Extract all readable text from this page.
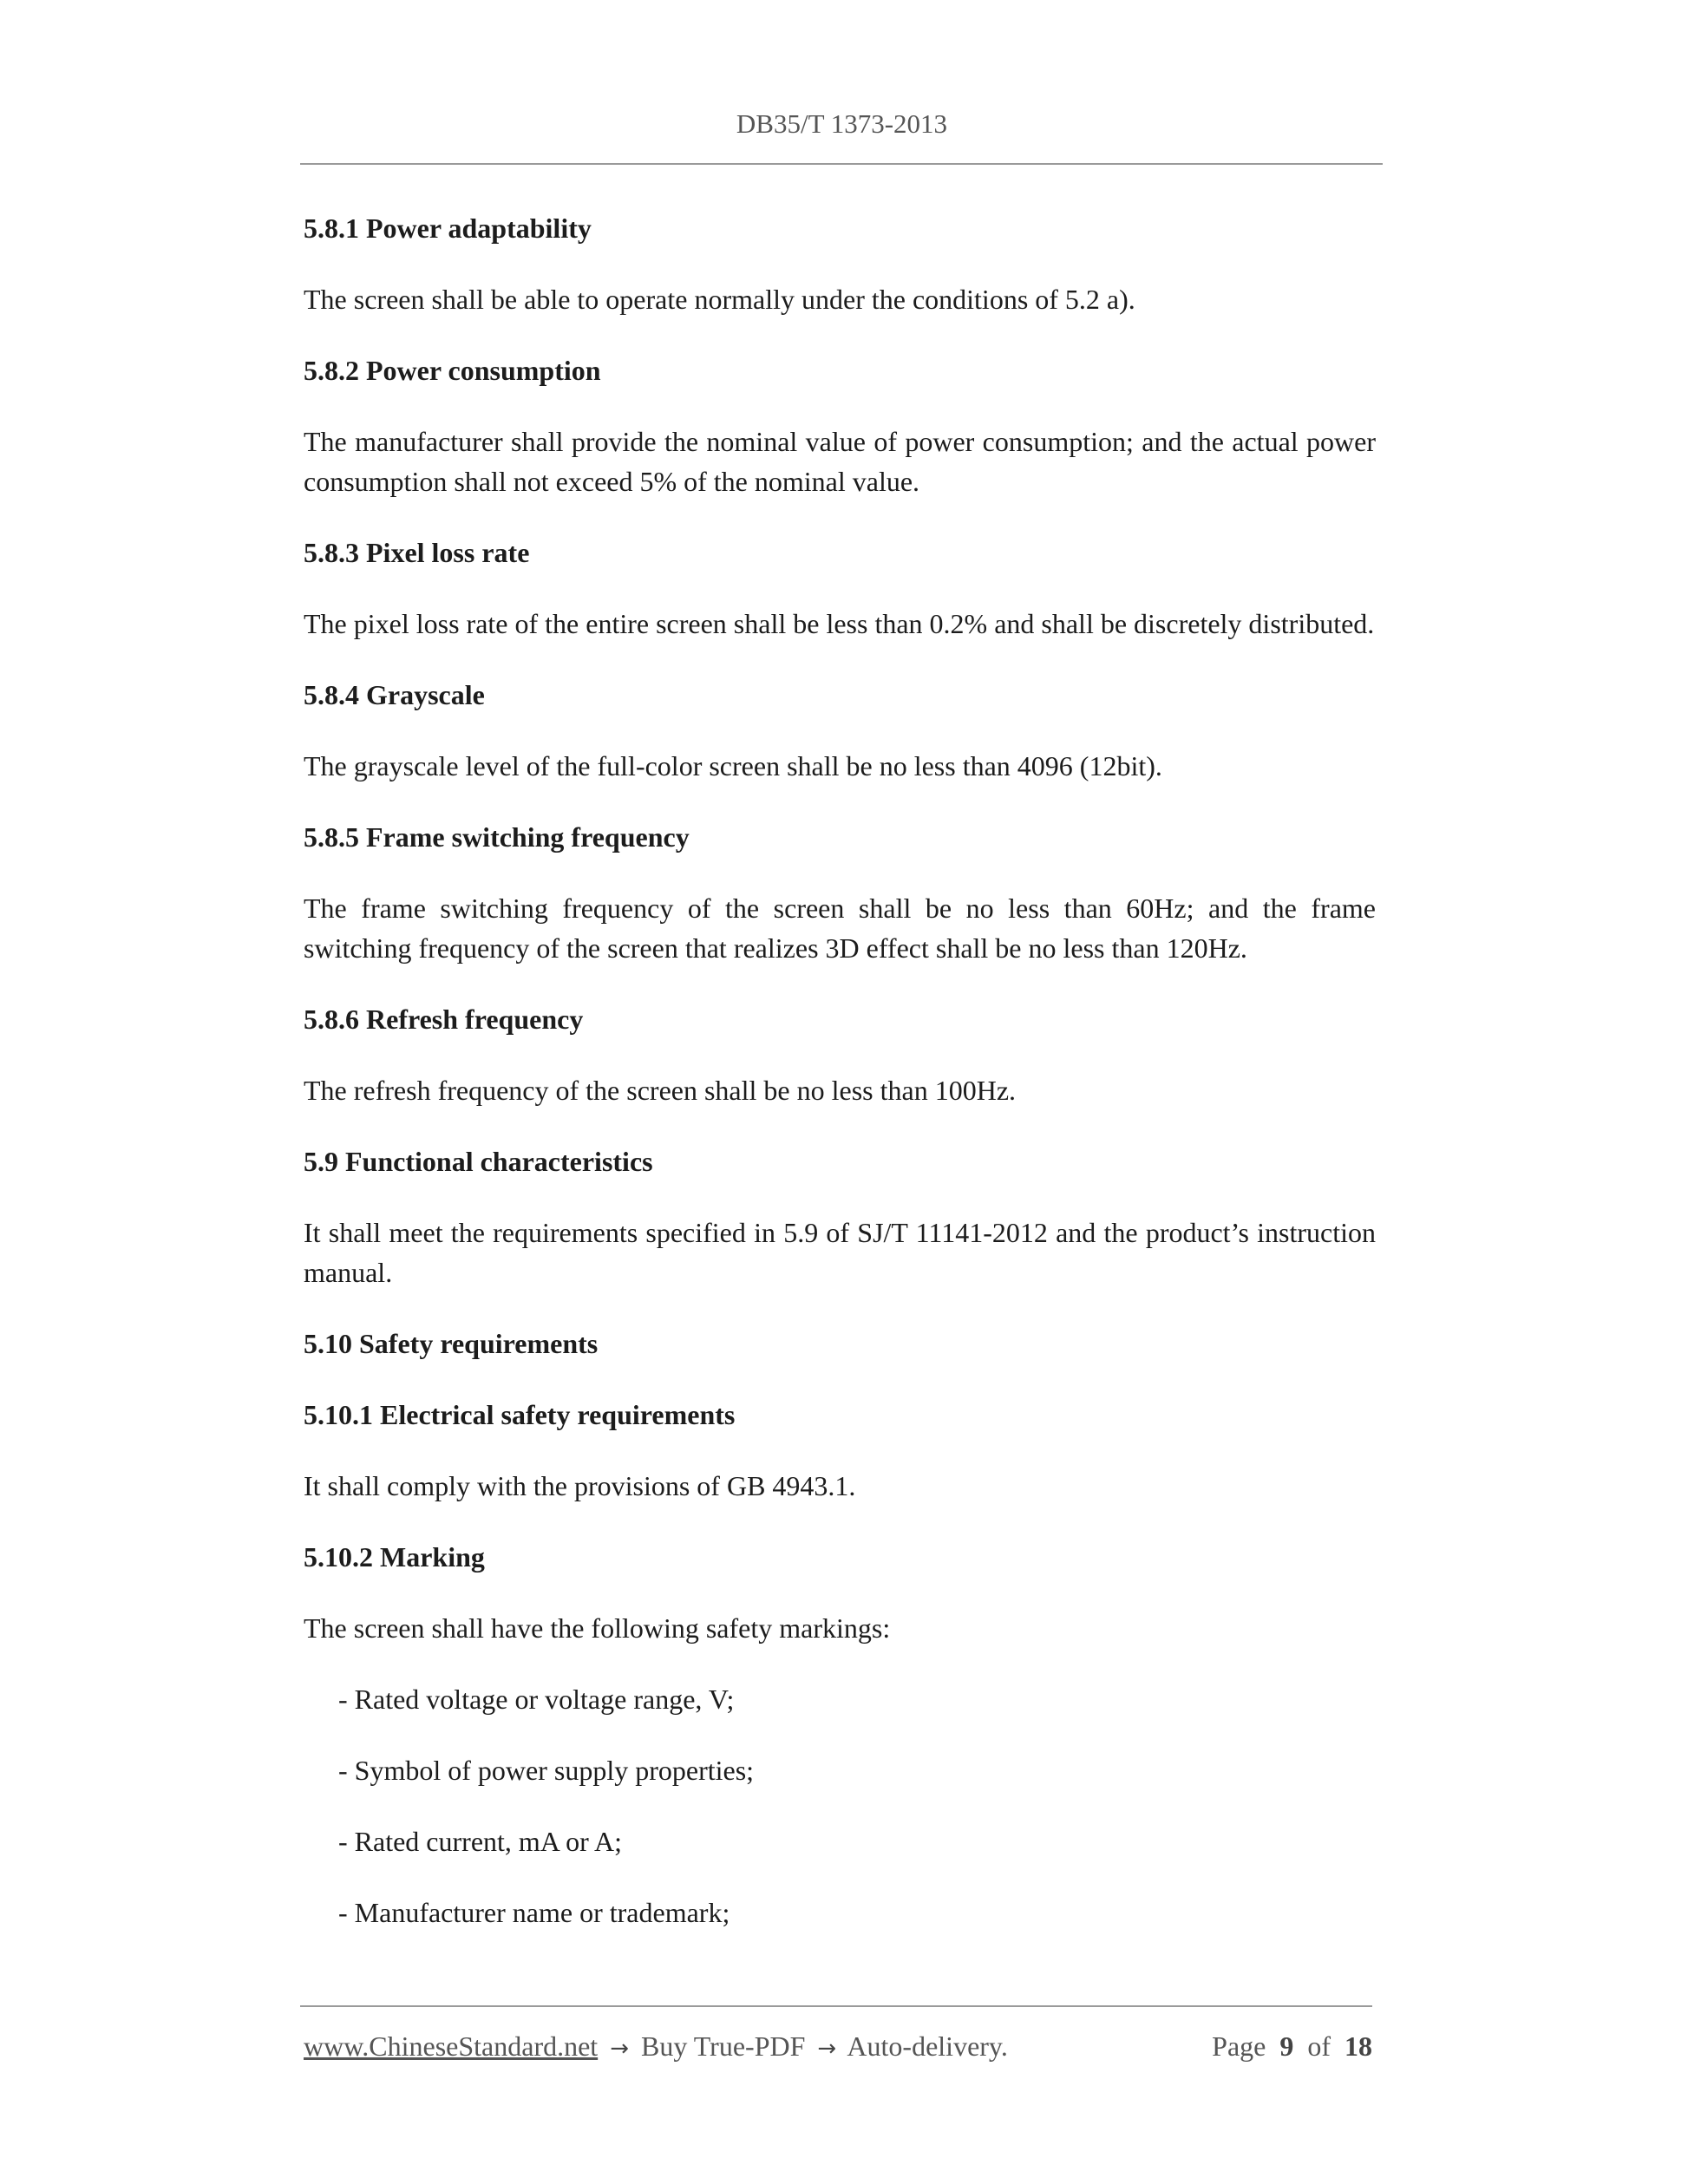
DB35/T 1373-2013
5.8.1 Power adaptability
The screen shall be able to operate normally under the conditions of 5.2 a).
5.8.2 Power consumption
The manufacturer shall provide the nominal value of power consumption; and the actual power consumption shall not exceed 5% of the nominal value.
5.8.3 Pixel loss rate
The pixel loss rate of the entire screen shall be less than 0.2% and shall be discretely distributed.
5.8.4 Grayscale
The grayscale level of the full-color screen shall be no less than 4096 (12bit).
5.8.5 Frame switching frequency
The frame switching frequency of the screen shall be no less than 60Hz; and the frame switching frequency of the screen that realizes 3D effect shall be no less than 120Hz.
5.8.6 Refresh frequency
The refresh frequency of the screen shall be no less than 100Hz.
5.9 Functional characteristics
It shall meet the requirements specified in 5.9 of SJ/T 11141-2012 and the product’s instruction manual.
5.10 Safety requirements
5.10.1 Electrical safety requirements
It shall comply with the provisions of GB 4943.1.
5.10.2 Marking
The screen shall have the following safety markings:
- Rated voltage or voltage range, V;
- Symbol of power supply properties;
- Rated current, mA or A;
- Manufacturer name or trademark;
www.ChineseStandard.net → Buy True-PDF → Auto-delivery.	Page 9 of 18
